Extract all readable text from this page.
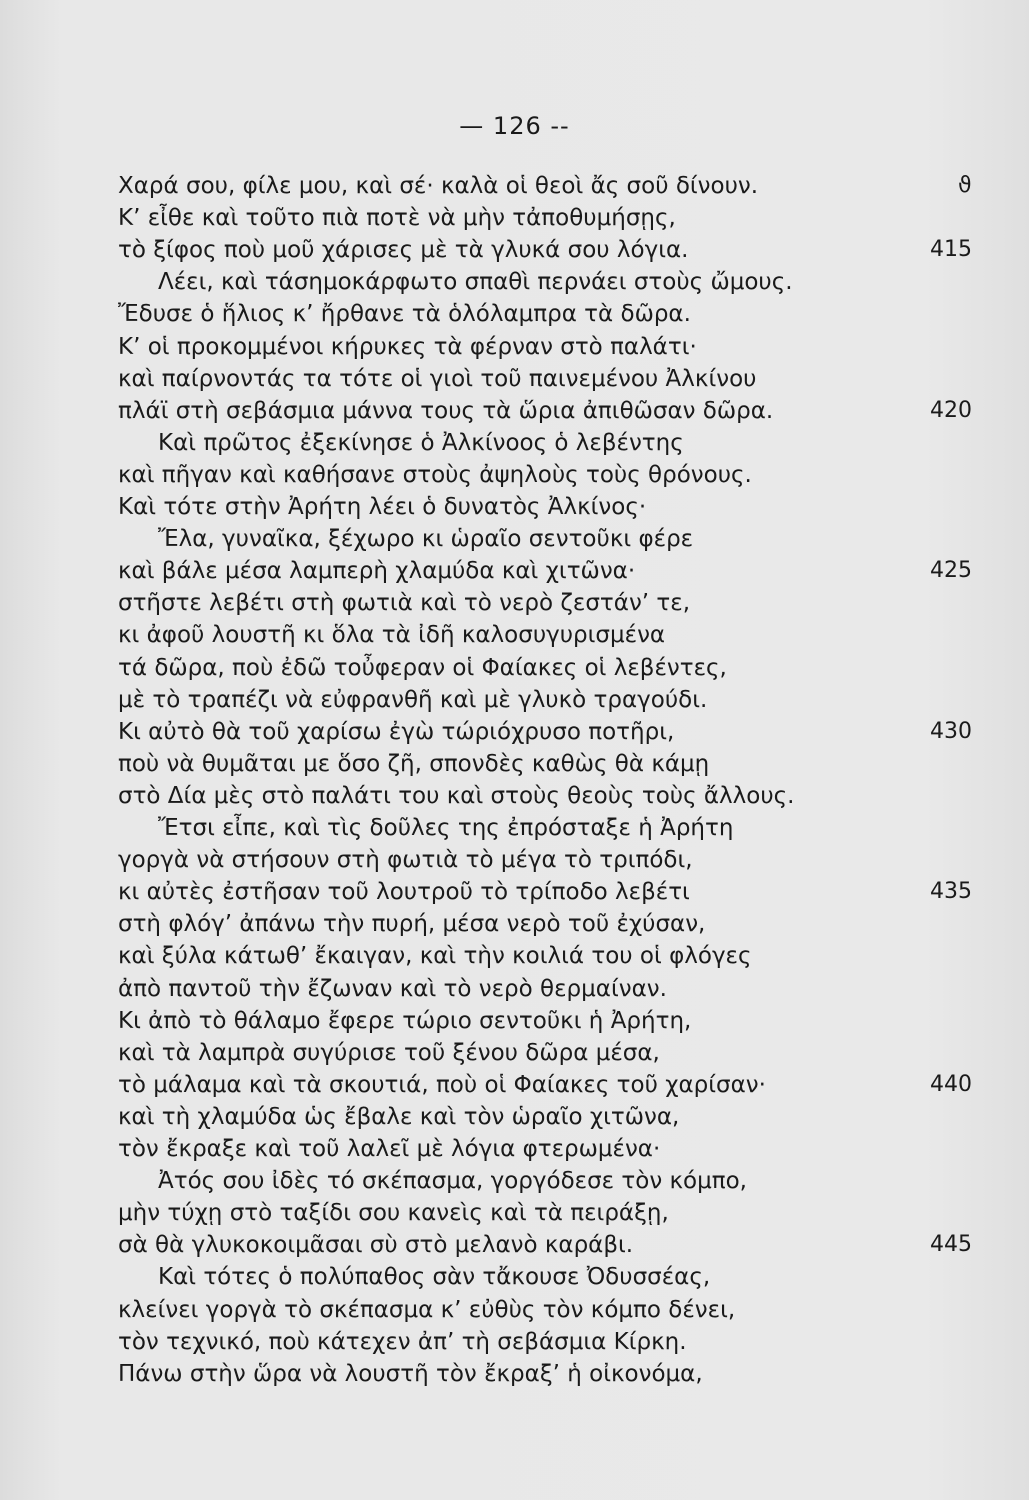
— 126 --
ϑ
Χαρά σου, φίλε μου, καὶ σέ· καλὰ οἱ θεοὶ ἄς σοῦ δίνουν.
Κ’ εἶθε καὶ τοῦτο πιὰ ποτὲ νὰ μὴν τἀποθυμήσῃς,
τὸ ξίφος ποὺ μοῦ χάρισες μὲ τὰ γλυκά σου λόγια.	415
Λέει, καὶ τάσημοκάρφωτο σπαθὶ περνάει στοὺς ὤμους.
Ἔδυσε ὁ ἥλιος κ’ ἤρθανε τὰ ὁλόλαμπρα τὰ δῶρα.
Κ’ οἱ προκομμένοι κήρυκες τὰ φέρναν στὸ παλάτι·
καὶ παίρνοντάς τα τότε οἱ γιοὶ τοῦ παινεμένου Ἀλκίνου
πλάϊ στὴ σεβάσμια μάννα τους τὰ ὥρια ἀπιθῶσαν δῶρα.	420
Καὶ πρῶτος ἐξεκίνησε ὁ Ἀλκίνοος ὁ λεβέντης
καὶ πῆγαν καὶ καθήσανε στοὺς ἀψηλοὺς τοὺς θρόνους.
Καὶ τότε στὴν Ἀρήτη λέει ὁ δυνατὸς Ἀλκίνος·
Ἔλα, γυναῖκα, ξέχωρο κι ὡραῖο σεντοῦκι φέρε
καὶ βάλε μέσα λαμπερὴ χλαμύδα καὶ χιτῶνα·	425
στῆστε λεβέτι στὴ φωτιὰ καὶ τὸ νερὸ ζεστάν’ τε,
κι ἀφοῦ λουστῆ κι ὅλα τὰ ἰδῆ καλοσυγυρισμένα
τά δῶρα, ποὺ ἐδῶ τοὖφεραν οἱ Φαίακες οἱ λεβέντες,
μὲ τὸ τραπέζι νὰ εὐφρανθῆ καὶ μὲ γλυκὸ τραγούδι.
Κι αὐτὸ θὰ τοῦ χαρίσω ἐγὼ τώριόχρυσο ποτῆρι,	430
ποὺ νὰ θυμᾶται με ὅσο ζῆ, σπονδὲς καθὼς θὰ κάμῃ
στὸ Δία μὲς στὸ παλάτι του καὶ στοὺς θεοὺς τοὺς ἄλλους.
Ἔτσι εἶπε, καὶ τὶς δοῦλες της ἐπρόσταξε ἡ Ἀρήτη
γοργὰ νὰ στήσουν στὴ φωτιὰ τὸ μέγα τὸ τριπόδι,
κι αὐτὲς ἐστῆσαν τοῦ λουτροῦ τὸ τρίποδο λεβέτι	435
στὴ φλόγ’ ἀπάνω τὴν πυρή, μέσα νερὸ τοῦ ἐχύσαν,
καὶ ξύλα κάτωθ’ ἔκαιγαν, καὶ τὴν κοιλιά του οἱ φλόγες
ἀπὸ παντοῦ τὴν ἔζωναν καὶ τὸ νερὸ θερμαίναν.
Κι ἀπὸ τὸ θάλαμο ἔφερε τώριο σεντοῦκι ἡ Ἀρήτη,
καὶ τὰ λαμπρὰ συγύρισε τοῦ ξένου δῶρα μέσα,
τὸ μάλαμα καὶ τὰ σκουτιά, ποὺ οἱ Φαίακες τοῦ χαρίσαν·	440
καὶ τὴ χλαμύδα ὡς ἔβαλε καὶ τὸν ὡραῖο χιτῶνα,
τὸν ἔκραξε καὶ τοῦ λαλεῖ μὲ λόγια φτερωμένα·
Ἀτός σου ἰδὲς τό σκέπασμα, γοργόδεσε τὸν κόμπο,
μὴν τύχῃ στὸ ταξίδι σου κανεὶς καὶ τὰ πειράξῃ,
σὰ θὰ γλυκοκοιμᾶσαι σὺ στὸ μελανὸ καράβι.	445
Καὶ τότες ὁ πολύπαθος σὰν τἄκουσε Ὀδυσσέας,
κλείνει γοργὰ τὸ σκέπασμα κ’ εὐθὺς τὸν κόμπο δένει,
τὸν τεχνικό, ποὺ κάτεχεν ἀπ’ τὴ σεβάσμια Κίρκη.
Πάνω στὴν ὥρα νὰ λουστῆ τὸν ἔκραξ’ ἡ οἰκονόμα,
